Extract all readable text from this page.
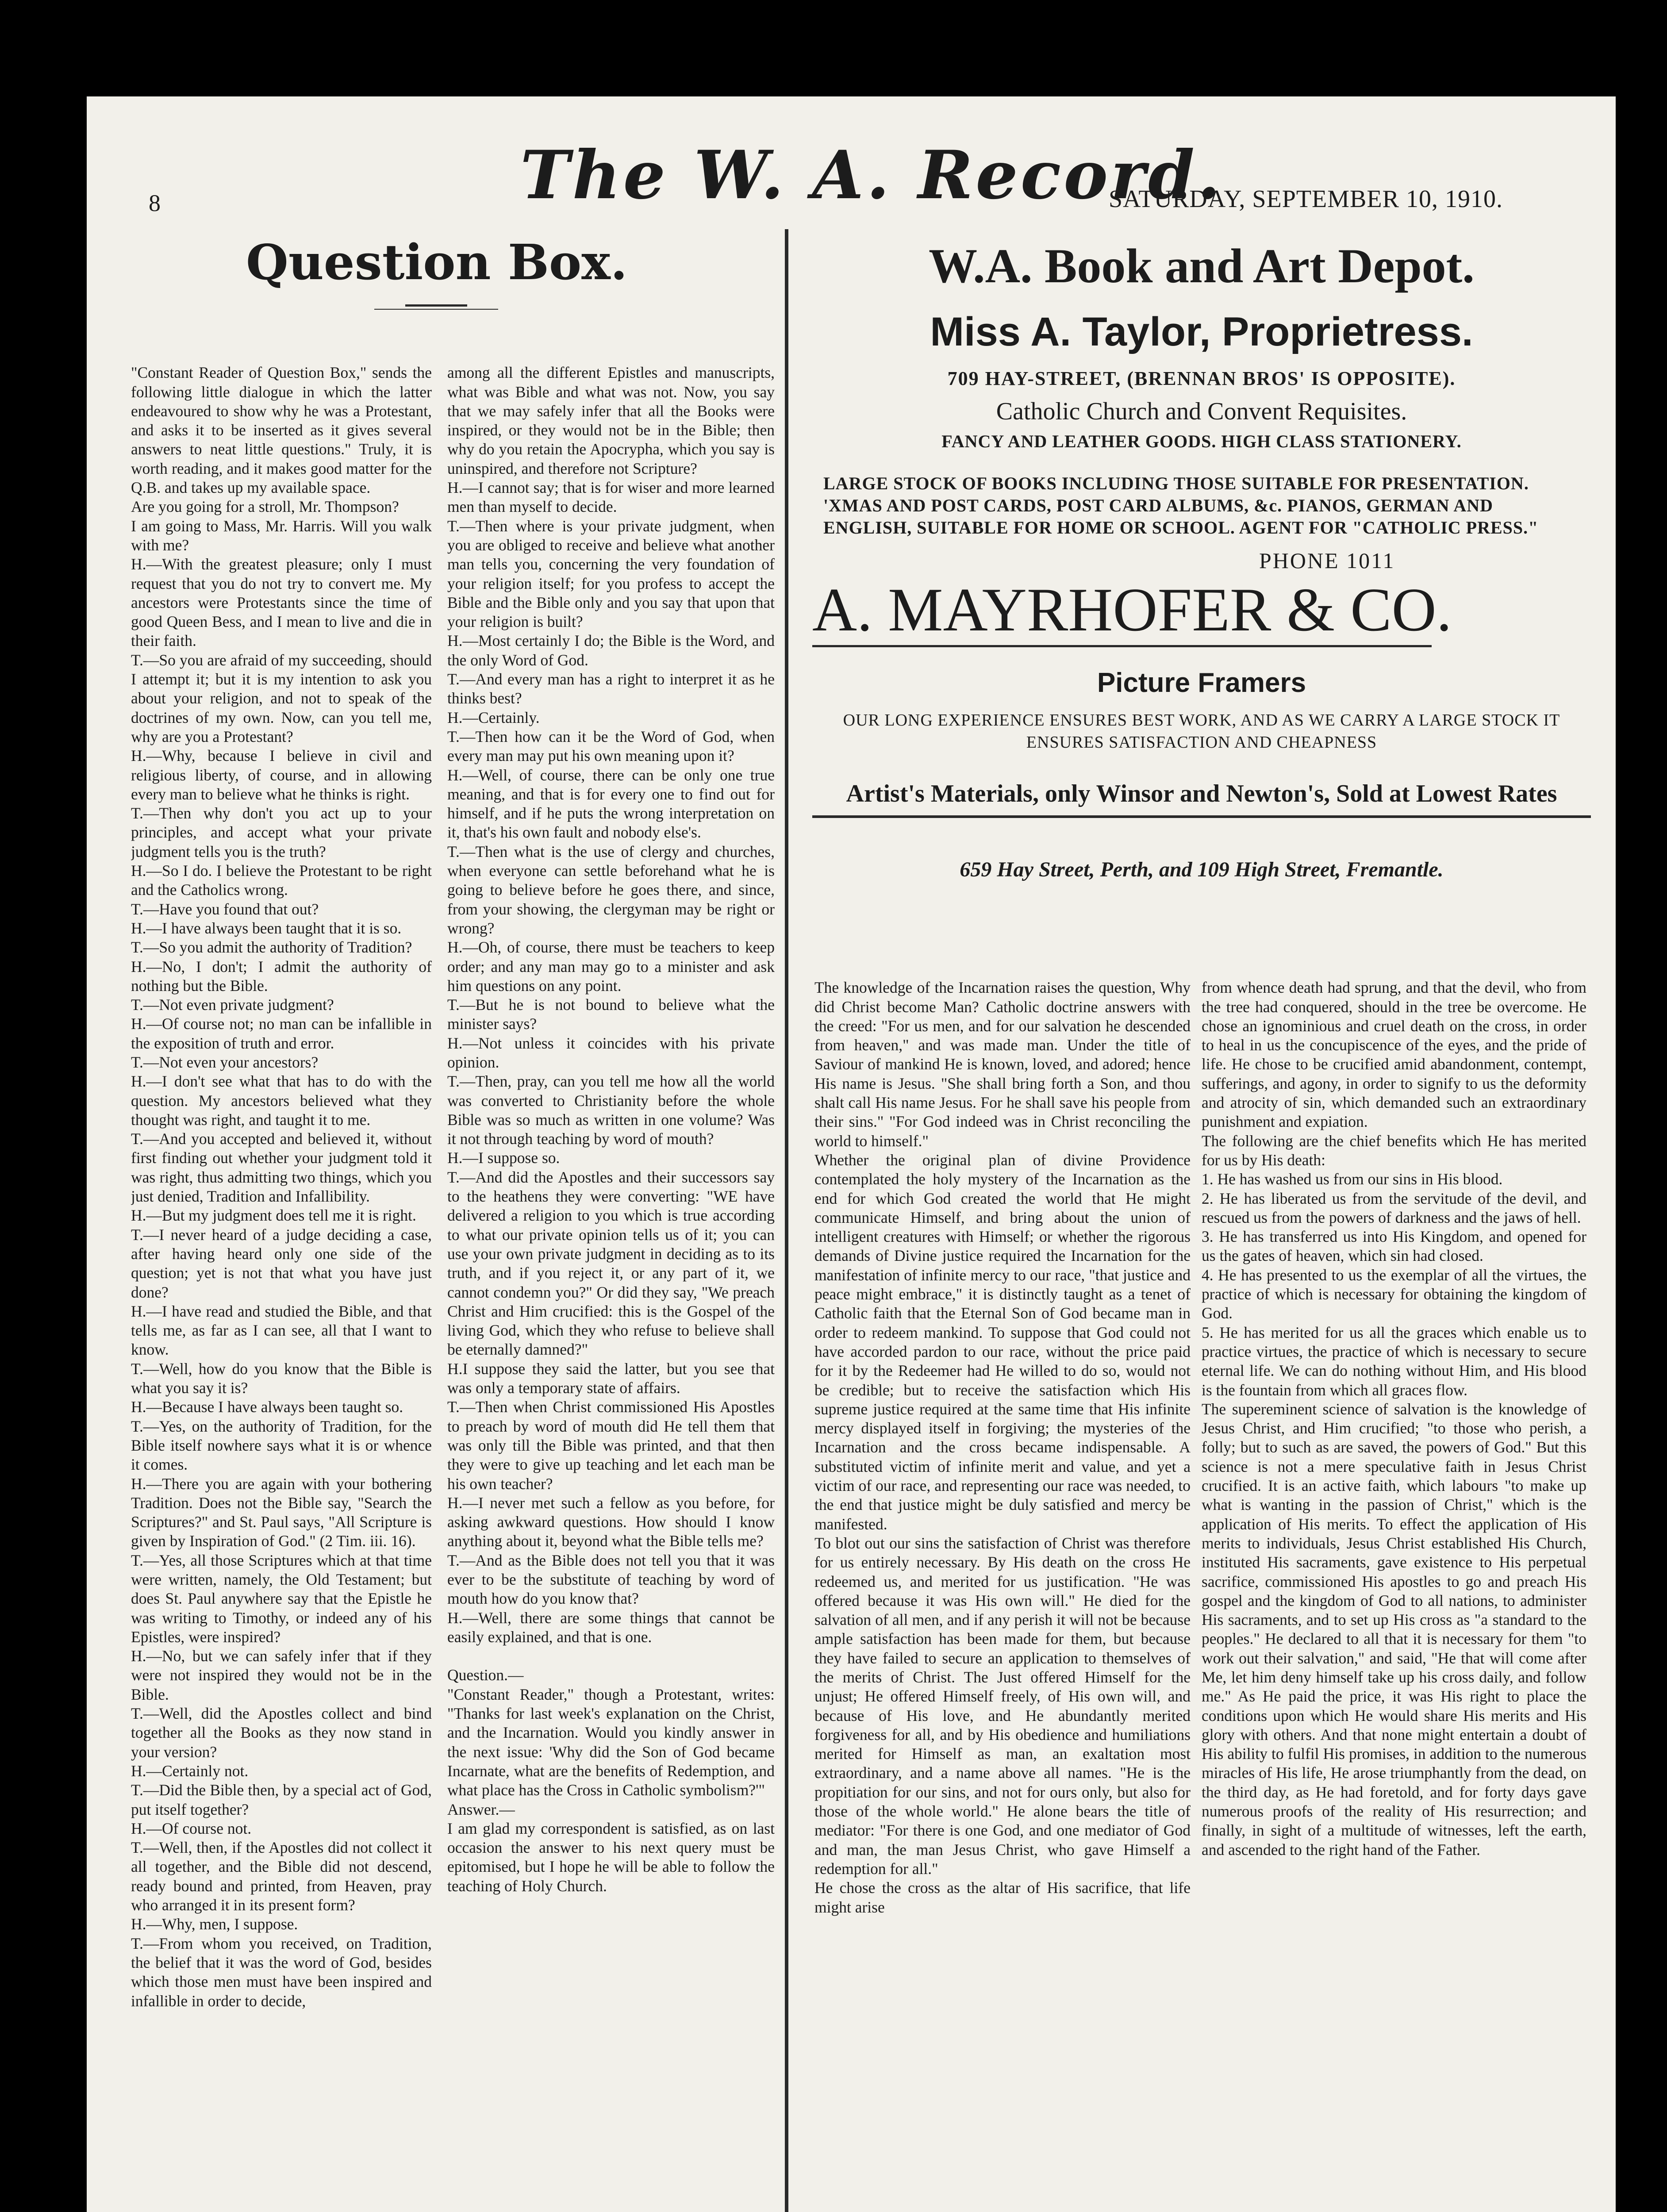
8	The W. A. Record.
SATURDAY, SEPTEMBER 10, 1910.
Question Box.

"Constant Reader of Question Box," sends the following little dialogue in which the latter endeavoured to show why he was a Protestant, and asks it to be inserted as it gives several answers to neat little questions." Truly, it is worth reading, and it makes good matter for the Q.B. and takes up my available space.
Are you going for a stroll, Mr. Thompson?
I am going to Mass, Mr. Harris. Will you walk with me?
H.—With the greatest pleasure; only I must request that you do not try to convert me. My ancestors were Protestants since the time of good Queen Bess, and I mean to live and die in their faith.
T.—So you are afraid of my succeeding, should I attempt it; but it is my intention to ask you about your religion, and not to speak of the doctrines of my own. Now, can you tell me, why are you a Protestant?
H.—Why, because I believe in civil and religious liberty, of course, and in allowing every man to believe what he thinks is right.
T.—Then why don't you act up to your principles, and accept what your private judgment tells you is the truth?
H.—So I do. I believe the Protestant to be right and the Catholics wrong.
T.—Have you found that out?
H.—I have always been taught that it is so.
T.—So you admit the authority of Tradition?
H.—No, I don't; I admit the authority of nothing but the Bible.
T.—Not even private judgment?
H.—Of course not; no man can be infallible in the exposition of truth and error.
T.—Not even your ancestors?
H.—I don't see what that has to do with the question. My ancestors believed what they thought was right, and taught it to me.
T.—And you accepted and believed it, without first finding out whether your judgment told it was right, thus admitting two things, which you just denied, Tradition and Infallibility.
H.—But my judgment does tell me it is right.
T.—I never heard of a judge deciding a case, after having heard only one side of the question; yet is not that what you have just done?
H.—I have read and studied the Bible, and that tells me, as far as I can see, all that I want to know.
T.—Well, how do you know that the Bible is what you say it is?
H.—Because I have always been taught so.
T.—Yes, on the authority of Tradition, for the Bible itself nowhere says what it is or whence it comes.
H.—There you are again with your bothering Tradition. Does not the Bible say, "Search the Scriptures?" and St. Paul says, "All Scripture is given by Inspiration of God." (2 Tim. iii. 16).
T.—Yes, all those Scriptures which at that time were written, namely, the Old Testament; but does St. Paul anywhere say that the Epistle he was writing to Timothy, or indeed any of his Epistles, were inspired?
H.—No, but we can safely infer that if they were not inspired they would not be in the Bible.
T.—Well, did the Apostles collect and bind together all the Books as they now stand in your version?
H.—Certainly not.
T.—Did the Bible then, by a special act of God, put itself together?
H.—Of course not.
T.—Well, then, if the Apostles did not collect it all together, and the Bible did not descend, ready bound and printed, from Heaven, pray who arranged it in its present form?
H.—Why, men, I suppose.
T.—From whom you received, on Tradition, the belief that it was the word of God, besides which those men must have been inspired and infallible in order to decide,

among all the different Epistles and manuscripts, what was Bible and what was not. Now, you say that we may safely infer that all the Books were inspired, or they would not be in the Bible; then why do you retain the Apocrypha, which you say is uninspired, and therefore not Scripture?
H.—I cannot say; that is for wiser and more learned men than myself to decide.
T.—Then where is your private judgment, when you are obliged to receive and believe what another man tells you, concerning the very foundation of your religion itself; for you profess to accept the Bible and the Bible only and you say that upon that your religion is built?
H.—Most certainly I do; the Bible is the Word, and the only Word of God.
T.—And every man has a right to interpret it as he thinks best?
H.—Certainly.
T.—Then how can it be the Word of God, when every man may put his own meaning upon it?
H.—Well, of course, there can be only one true meaning, and that is for every one to find out for himself, and if he puts the wrong interpretation on it, that's his own fault and nobody else's.
T.—Then what is the use of clergy and churches, when everyone can settle beforehand what he is going to believe before he goes there, and since, from your showing, the clergyman may be right or wrong?
H.—Oh, of course, there must be teachers to keep order; and any man may go to a minister and ask him questions on any point.
T.—But he is not bound to believe what the minister says?
H.—Not unless it coincides with his private opinion.
T.—Then, pray, can you tell me how all the world was converted to Christianity before the whole Bible was so much as written in one volume? Was it not through teaching by word of mouth?
H.—I suppose so.
T.—And did the Apostles and their successors say to the heathens they were converting: "WE have delivered a religion to you which is true according to what our private opinion tells us of it; you can use your own private judgment in deciding as to its truth, and if you reject it, or any part of it, we cannot condemn you?" Or did they say, "We preach Christ and Him crucified: this is the Gospel of the living God, which they who refuse to believe shall be eternally damned?"
H.I suppose they said the latter, but you see that was only a temporary state of affairs.
T.—Then when Christ commissioned His Apostles to preach by word of mouth did He tell them that was only till the Bible was printed, and that then they were to give up teaching and let each man be his own teacher?
H.—I never met such a fellow as you before, for asking awkward questions. How should I know anything about it, beyond what the Bible tells me?
T.—And as the Bible does not tell you that it was ever to be the substitute of teaching by word of mouth how do you know that?
H.—Well, there are some things that cannot be easily explained, and that is one.

Question.—
"Constant Reader," though a Protestant, writes: "Thanks for last week's explanation on the Christ, and the Incarnation. Would you kindly answer in the next issue: 'Why did the Son of God became Incarnate, what are the benefits of Redemption, and what place has the Cross in Catholic symbolism?'"
Answer.—
I am glad my correspondent is satisfied, as on last occasion the answer to his next query must be epitomised, but I hope he will be able to follow the teaching of Holy Church.

W.A. Book and Art Depot.
Miss A. Taylor, Proprietress.
709 HAY-STREET, (BRENNAN BROS' IS OPPOSITE).
Catholic Church and Convent Requisites.
FANCY AND LEATHER GOODS. HIGH CLASS STATIONERY.
LARGE STOCK OF BOOKS INCLUDING THOSE SUITABLE FOR PRESENTATION. 'XMAS AND POST CARDS, POST CARD ALBUMS, &c. PIANOS, GERMAN AND ENGLISH, SUITABLE FOR HOME OR SCHOOL. AGENT FOR "CATHOLIC PRESS."
PHONE 1011
A. MAYRHOFER & CO.
Picture Framers
OUR LONG EXPERIENCE ENSURES BEST WORK, AND AS WE CARRY A LARGE STOCK IT ENSURES SATISFACTION AND CHEAPNESS
Artist's Materials, only Winsor and Newton's, Sold at Lowest Rates
659 Hay Street, Perth, and 109 High Street, Fremantle.

The knowledge of the Incarnation raises the question, Why did Christ become Man? Catholic doctrine answers with the creed: "For us men, and for our salvation he descended from heaven," and was made man. Under the title of Saviour of mankind He is known, loved, and adored; hence His name is Jesus. "She shall bring forth a Son, and thou shalt call His name Jesus. For he shall save his people from their sins." "For God indeed was in Christ reconciling the world to himself."
Whether the original plan of divine Providence contemplated the holy mystery of the Incarnation as the end for which God created the world that He might communicate Himself, and bring about the union of intelligent creatures with Himself; or whether the rigorous demands of Divine justice required the Incarnation for the manifestation of infinite mercy to our race, "that justice and peace might embrace," it is distinctly taught as a tenet of Catholic faith that the Eternal Son of God became man in order to redeem mankind. To suppose that God could not have accorded pardon to our race, without the price paid for it by the Redeemer had He willed to do so, would not be credible; but to receive the satisfaction which His supreme justice required at the same time that His infinite mercy displayed itself in forgiving; the mysteries of the Incarnation and the cross became indispensable. A substituted victim of infinite merit and value, and yet a victim of our race, and representing our race was needed, to the end that justice might be duly satisfied and mercy be manifested.
To blot out our sins the satisfaction of Christ was therefore for us entirely necessary. By His death on the cross He redeemed us, and merited for us justification. "He was offered because it was His own will." He died for the salvation of all men, and if any perish it will not be because ample satisfaction has been made for them, but because they have failed to secure an application to themselves of the merits of Christ. The Just offered Himself for the unjust; He offered Himself freely, of His own will, and because of His love, and He abundantly merited forgiveness for all, and by His obedience and humiliations merited for Himself as man, an exaltation most extraordinary, and a name above all names. "He is the propitiation for our sins, and not for ours only, but also for those of the whole world." He alone bears the title of mediator: "For there is one God, and one mediator of God and man, the man Jesus Christ, who gave Himself a redemption for all."
He chose the cross as the altar of His sacrifice, that life might arise

from whence death had sprung, and that the devil, who from the tree had conquered, should in the tree be overcome. He chose an ignominious and cruel death on the cross, in order to heal in us the concupiscence of the eyes, and the pride of life. He chose to be crucified amid abandonment, contempt, sufferings, and agony, in order to signify to us the deformity and atrocity of sin, which demanded such an extraordinary punishment and expiation.
The following are the chief benefits which He has merited for us by His death:
1. He has washed us from our sins in His blood.
2. He has liberated us from the servitude of the devil, and rescued us from the powers of darkness and the jaws of hell.
3. He has transferred us into His Kingdom, and opened for us the gates of heaven, which sin had closed.
4. He has presented to us the exemplar of all the virtues, the practice of which is necessary for obtaining the kingdom of God.
5. He has merited for us all the graces which enable us to practice virtues, the practice of which is necessary to secure eternal life. We can do nothing without Him, and His blood is the fountain from which all graces flow.
The supereminent science of salvation is the knowledge of Jesus Christ, and Him crucified; "to those who perish, a folly; but to such as are saved, the powers of God." But this science is not a mere speculative faith in Jesus Christ crucified. It is an active faith, which labours "to make up what is wanting in the passion of Christ," which is the application of His merits. To effect the application of His merits to individuals, Jesus Christ established His Church, instituted His sacraments, gave existence to His perpetual sacrifice, commissioned His apostles to go and preach His gospel and the kingdom of God to all nations, to administer His sacraments, and to set up His cross as "a standard to the peoples." He declared to all that it is necessary for them "to work out their salvation," and said, "He that will come after Me, let him deny himself take up his cross daily, and follow me." As He paid the price, it was His right to place the conditions upon which He would share His merits and His glory with others. And that none might entertain a doubt of His ability to fulfil His promises, in addition to the numerous miracles of His life, He arose triumphantly from the dead, on the third day, as He had foretold, and for forty days gave numerous proofs of the reality of His resurrection; and finally, in sight of a multitude of witnesses, left the earth, and ascended to the right hand of the Father.
